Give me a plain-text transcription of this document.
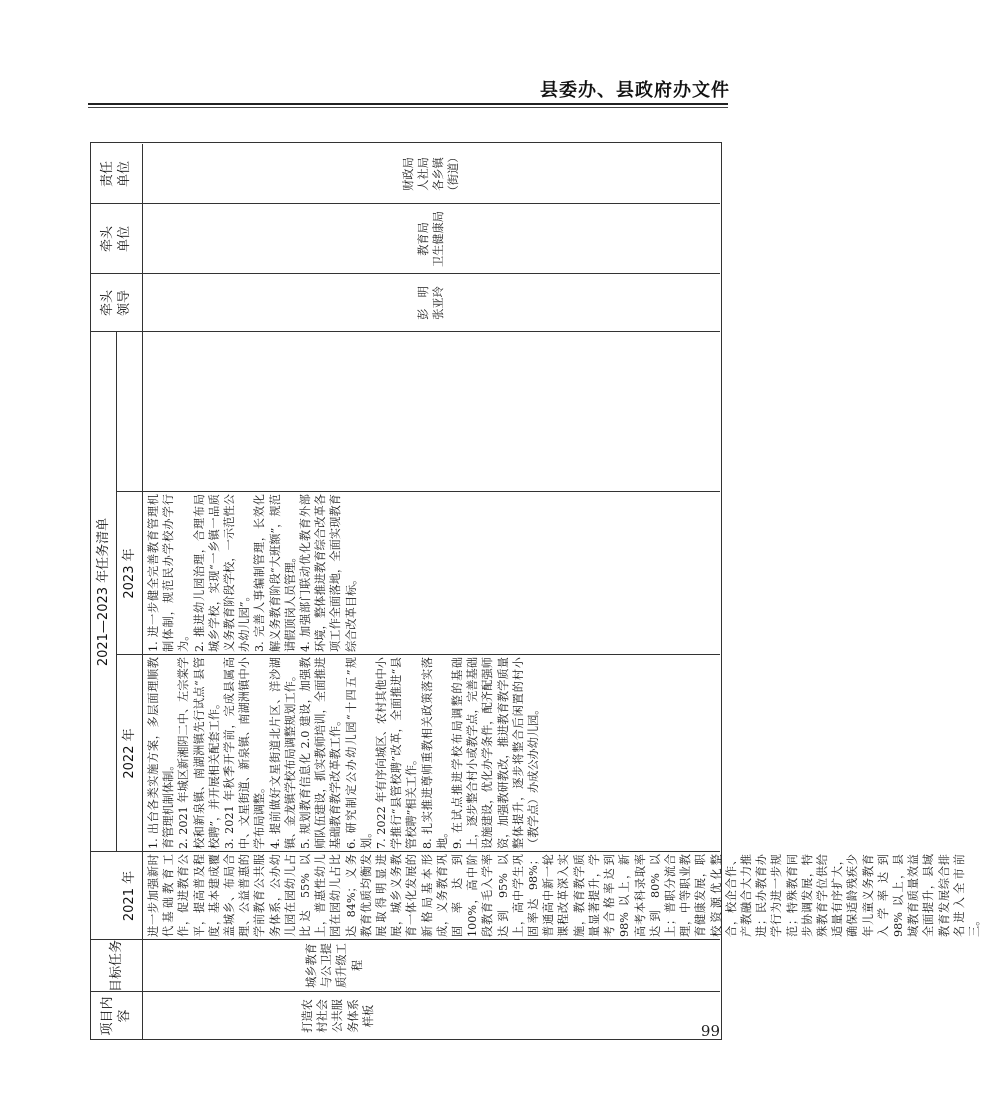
县委办、县政府办文件
项目内容
目标任务
2021—2023 年任务清单
2021 年
2022 年
2023 年
牵头 领导
牵头 单位
责任 单位
打造农村社会公共服务体系样板
城乡教育与公卫提质升级工程
进一步加强新时代基础教育工作，促进教育公平，提高普及程度，基本建成覆盖城乡、布局合理、公益普惠的学前教育公共服务体系，公办幼儿园在园幼儿占比达 55% 以上，普惠性幼儿园在园幼儿占比达 84%；义务教育优质均衡发展取得明显进展，城乡义务教育一体化发展的新格局基本形成，义务教育巩固率达到 100%，高中阶段教育毛入学率达到 95% 以上，高中学生巩固率达 98%；普通高中新一轮课程改革深入实施，教育教学质量显著提升，学考合格率达到 98% 以上，新高考本科录取率达到 80% 以上；普职分流合理，中等职业教育健康发展，职校资源优化整合，校企合作、产教融合大力推进；民办教育办学行为进一步规范；特殊教育同步协调发展，特殊教育学位供给适量有序扩大，确保适龄残疾少年儿童义务教育入学率达到 98% 以上，县域教育质量效益全面提升，县域教育发展综合排名进入全市前三。

1. 出台各类实施方案，多层面理顺教育管理机制体制。 2. 2021 年城区新湘阴二中、左宗棠学校和新泉镇、南湖洲镇先行试点“县管校聘”，并开展相关配套工作。 3. 2021 年秋季开学前，完成县属高中、文星街道、新泉镇、南湖洲镇中小学布局调整。 4. 提前做好文星街道北片区、洋沙湖镇、金龙镇学校布局调整规划工作。 5. 规划教育信息化 2.0 建设，加强教师队伍建设，抓实教师培训，全面推进基础教育教学改革教工作。 6. 研究制定公办幼儿园“十四五”规划。 7. 2022 年有序向城区、农村其他中小学推行“县管校聘”改革，全面推进“县管校聘”相关工作。 8. 扎实推进尊师重教相关政策落实落地。 9. 在试点推进学校布局调整的基础上，逐步整合村小或教学点，完善基础设施建设，优化办学条件，配齐配强师资，加强教研教改，推进教育教学质量整体提升，逐步将整合后闲置的村小（教学点）办成公办幼儿园。

1. 进一步健全完善教育管理机制体制，规范民办学校办学行为。 2. 推进幼儿园治理，合理布局城乡学校，实现“一乡镇一品质义务教育阶段学校，一示范性公办幼儿园”。 3. 完善人事编制管理，长效化解义务教育阶段“大班额”，规范请假顶岗人员管理。 4. 加强部门联动优化教育外部环境，整体推进教育综合改革各项工作全面落地，全面实现教育综合改革目标。

彭　明 张亚玲
教育局 卫生健康局
财政局 人社局 各乡镇 （街道）
99
